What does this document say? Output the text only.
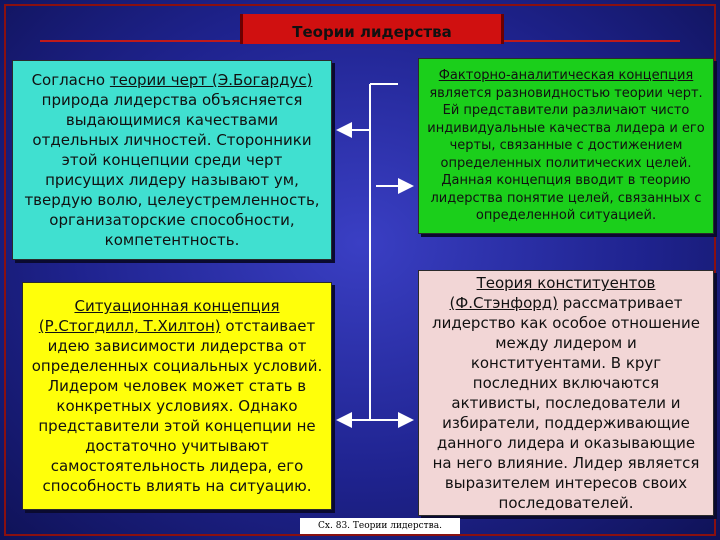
Теории лидерства

Согласно теории черт (Э.Богардус) природа лидерства объясняется выдающимися качествами отдельных личностей. Сторонники этой концепции среди черт присущих лидеру называют ум, твердую волю, целеустремленность, организаторские способности, компетентность.

Факторно-аналитическая концепция является разновидностью теории черт. Ей представители различают чисто индивидуальные качества лидера и его черты, связанные с достижением определенных политических целей. Данная концепция вводит в теорию лидерства понятие целей, связанных с определенной ситуацией.

Ситуационная концепция (Р.Стогдилл, Т.Хилтон) отстаивает идею зависимости лидерства от определенных социальных условий. Лидером человек может стать в конкретных условиях. Однако представители этой концепции не достаточно учитывают самостоятельность лидера, его способность влиять на ситуацию.

Теория конституентов (Ф.Стэнфорд) рассматривает лидерство как особое отношение между лидером и конституентами. В круг последних включаются активисты, последователи и избиратели, поддерживающие данного лидера и оказывающие на него влияние. Лидер является выразителем интересов своих последователей.

Сх. 83. Теории лидерства.
